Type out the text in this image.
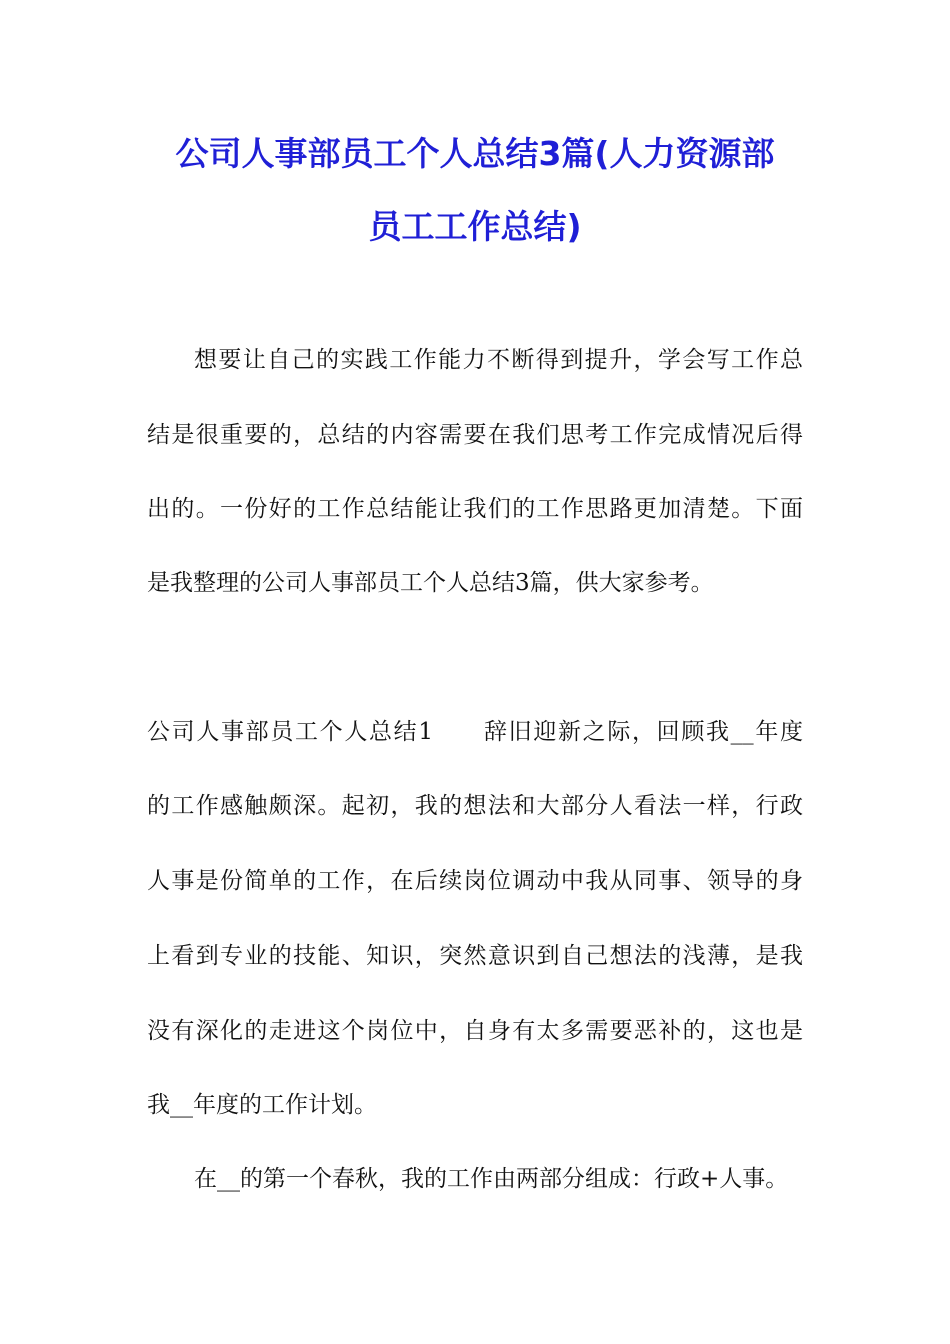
公司人事部员工个人总结3篇(人力资源部
员工工作总结)
想要让自己的实践工作能力不断得到提升，学会写工作总
结是很重要的，总结的内容需要在我们思考工作完成情况后得
出的。一份好的工作总结能让我们的工作思路更加清楚。下面
是我整理的公司人事部员工个人总结3篇，供大家参考。
公司人事部员工个人总结1　　辞旧迎新之际，回顾我__年度
的工作感触颇深。起初，我的想法和大部分人看法一样，行政
人事是份简单的工作，在后续岗位调动中我从同事、领导的身
上看到专业的技能、知识，突然意识到自己想法的浅薄，是我
没有深化的走进这个岗位中，自身有太多需要恶补的，这也是
我__年度的工作计划。
在__的第一个春秋，我的工作由两部分组成：行政+人事。
